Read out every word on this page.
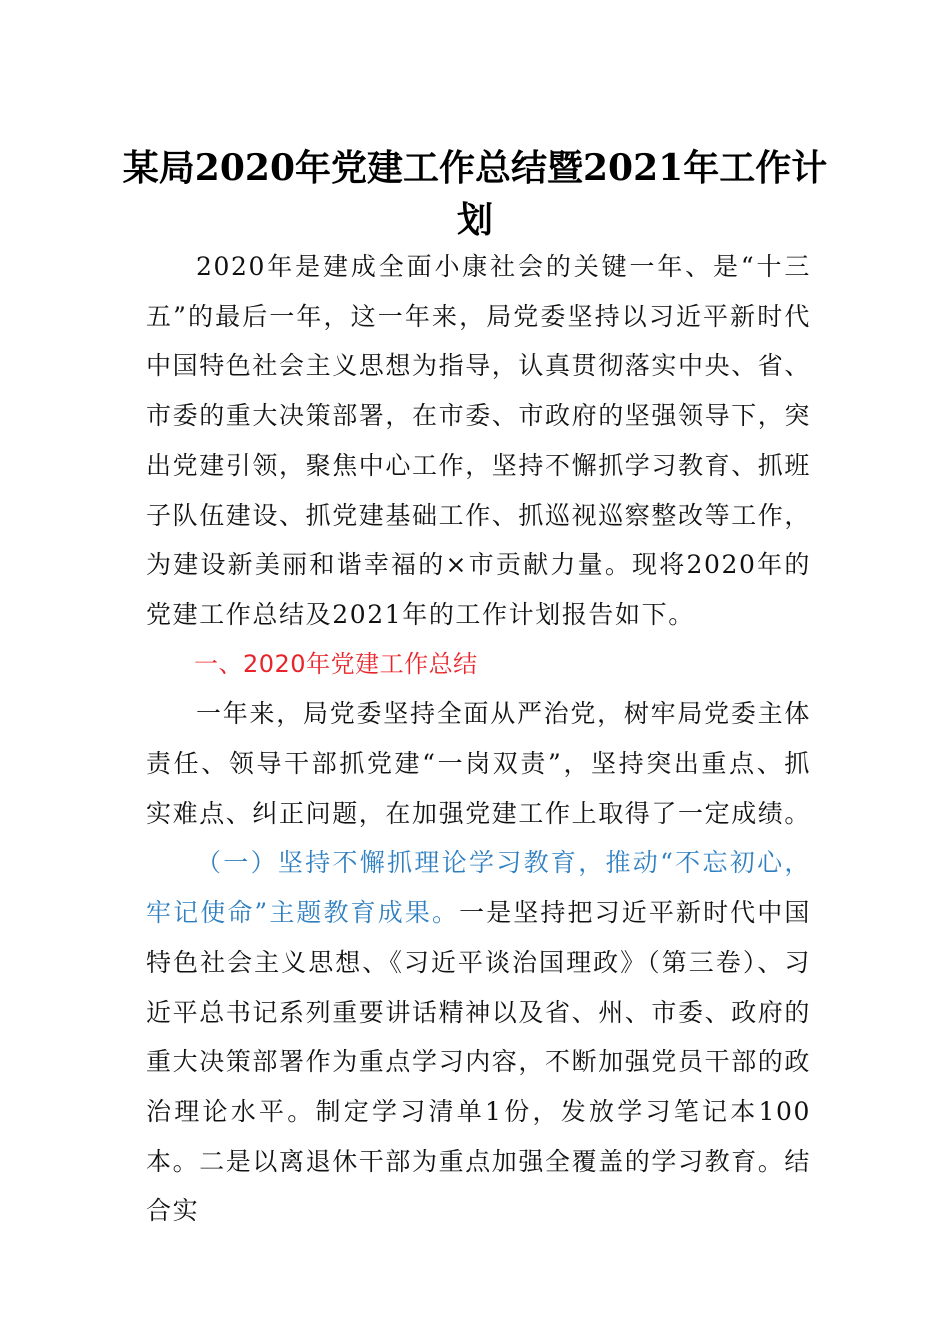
某局2020年党建工作总结暨2021年工作计划

2020年是建成全面小康社会的关键一年、是“十三五”的最后一年，这一年来，局党委坚持以习近平新时代中国特色社会主义思想为指导，认真贯彻落实中央、省、市委的重大决策部署，在市委、市政府的坚强领导下，突出党建引领，聚焦中心工作，坚持不懈抓学习教育、抓班子队伍建设、抓党建基础工作、抓巡视巡察整改等工作，为建设新美丽和谐幸福的×市贡献力量。现将2020年的党建工作总结及2021年的工作计划报告如下。

一、2020年党建工作总结

一年来，局党委坚持全面从严治党，树牢局党委主体责任、领导干部抓党建“一岗双责”，坚持突出重点、抓实难点、纠正问题，在加强党建工作上取得了一定成绩。

（一）坚持不懈抓理论学习教育，推动“不忘初心，牢记使命”主题教育成果。一是坚持把习近平新时代中国特色社会主义思想、《习近平谈治国理政》（第三卷）、习近平总书记系列重要讲话精神以及省、州、市委、政府的重大决策部署作为重点学习内容，不断加强党员干部的政治理论水平。制定学习清单1份，发放学习笔记本100本。二是以离退休干部为重点加强全覆盖的学习教育。结合实
